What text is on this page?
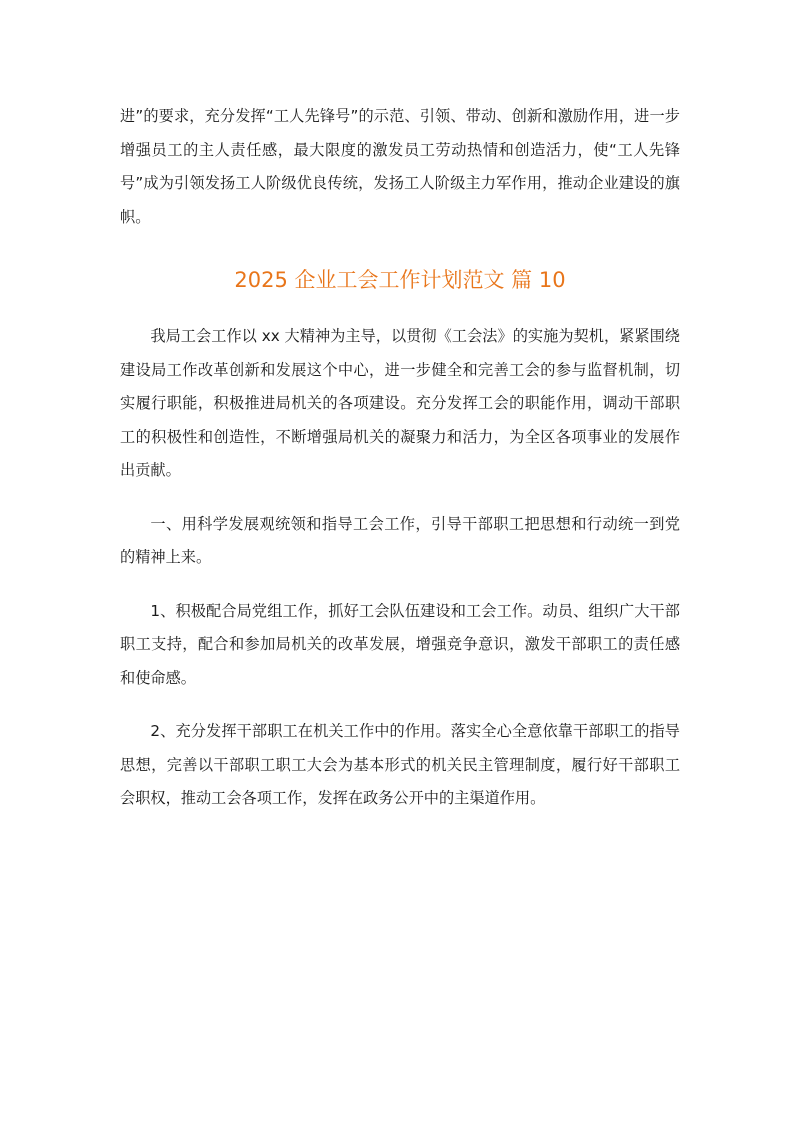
进”的要求，充分发挥“工人先锋号”的示范、引领、带动、创新和激励作用，进一步增强员工的主人责任感，最大限度的激发员工劳动热情和创造活力，使“工人先锋号”成为引领发扬工人阶级优良传统，发扬工人阶级主力军作用，推动企业建设的旗帜。

2025 企业工会工作计划范文 篇 10

我局工会工作以 xx 大精神为主导，以贯彻《工会法》的实施为契机，紧紧围绕建设局工作改革创新和发展这个中心，进一步健全和完善工会的参与监督机制，切实履行职能，积极推进局机关的各项建设。充分发挥工会的职能作用，调动干部职工的积极性和创造性，不断增强局机关的凝聚力和活力，为全区各项事业的发展作出贡献。

一、用科学发展观统领和指导工会工作，引导干部职工把思想和行动统一到党的精神上来。

1、积极配合局党组工作，抓好工会队伍建设和工会工作。动员、组织广大干部职工支持，配合和参加局机关的改革发展，增强竞争意识，激发干部职工的责任感和使命感。

2、充分发挥干部职工在机关工作中的作用。落实全心全意依靠干部职工的指导思想，完善以干部职工职工大会为基本形式的机关民主管理制度，履行好干部职工会职权，推动工会各项工作，发挥在政务公开中的主渠道作用。
